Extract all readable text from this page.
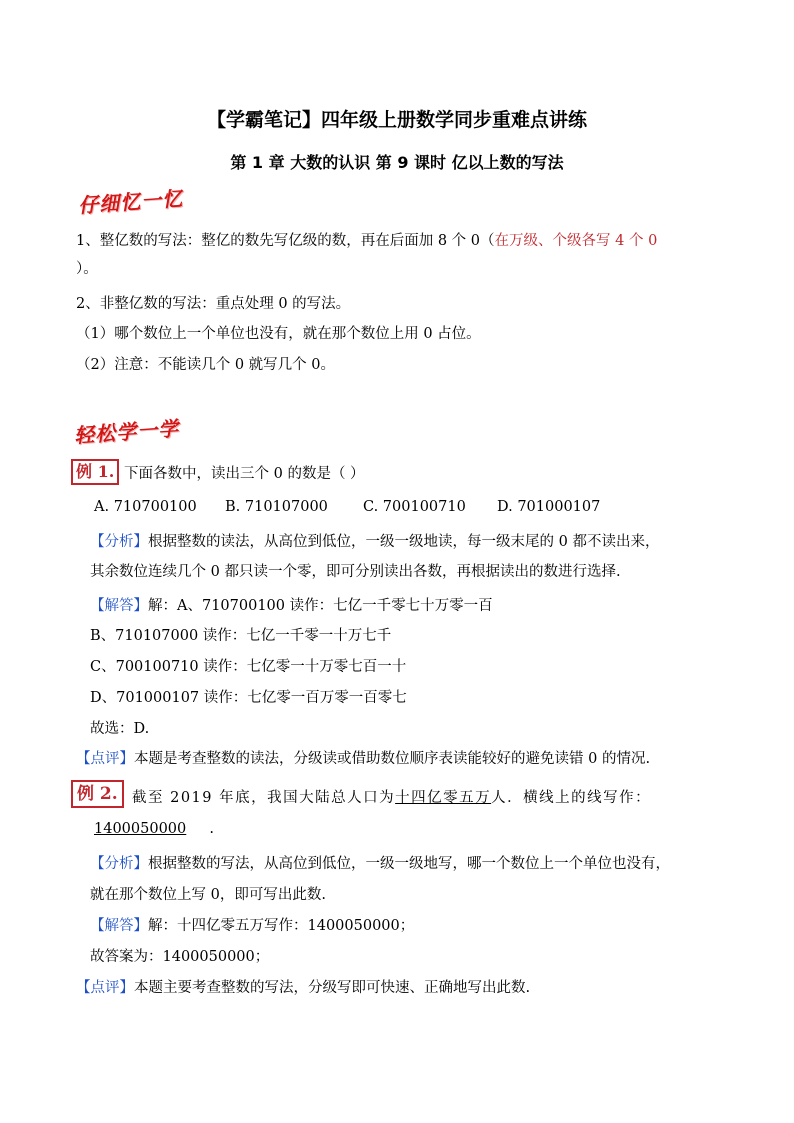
【学霸笔记】四年级上册数学同步重难点讲练
第 1 章 大数的认识 第 9 课时 亿以上数的写法
仔细忆一忆
1、整亿数的写法：整亿的数先写亿级的数，再在后面加 8 个 0（在万级、个级各写 4 个 0
）。
2、非整亿数的写法：重点处理 0 的写法。
（1）哪个数位上一个单位也没有，就在那个数位上用 0 占位。
（2）注意：不能读几个 0 就写几个 0。
轻松学一学
例 1. 下面各数中，读出三个 0 的数是（ ）
A. 710700100 B. 710107000 C. 700100710 D. 701000107
【分析】根据整数的读法，从高位到低位，一级一级地读，每一级末尾的 0 都不读出来，
其余数位连续几个 0 都只读一个零，即可分别读出各数，再根据读出的数进行选择.
【解答】解：A、710700100 读作：七亿一千零七十万零一百
B、710107000 读作：七亿一千零一十万七千
C、700100710 读作：七亿零一十万零七百一十
D、701000107 读作：七亿零一百万零一百零七
故选：D.
【点评】本题是考查整数的读法，分级读或借助数位顺序表读能较好的避免读错 0 的情况.
例 2. 截至 2019 年底，我国大陆总人口为十四亿零五万人．横线上的线写作：
1400050000 .
【分析】根据整数的写法，从高位到低位，一级一级地写，哪一个数位上一个单位也没有，
就在那个数位上写 0，即可写出此数.
【解答】解：十四亿零五万写作：1400050000；
故答案为：1400050000；
【点评】本题主要考查整数的写法，分级写即可快速、正确地写出此数.
